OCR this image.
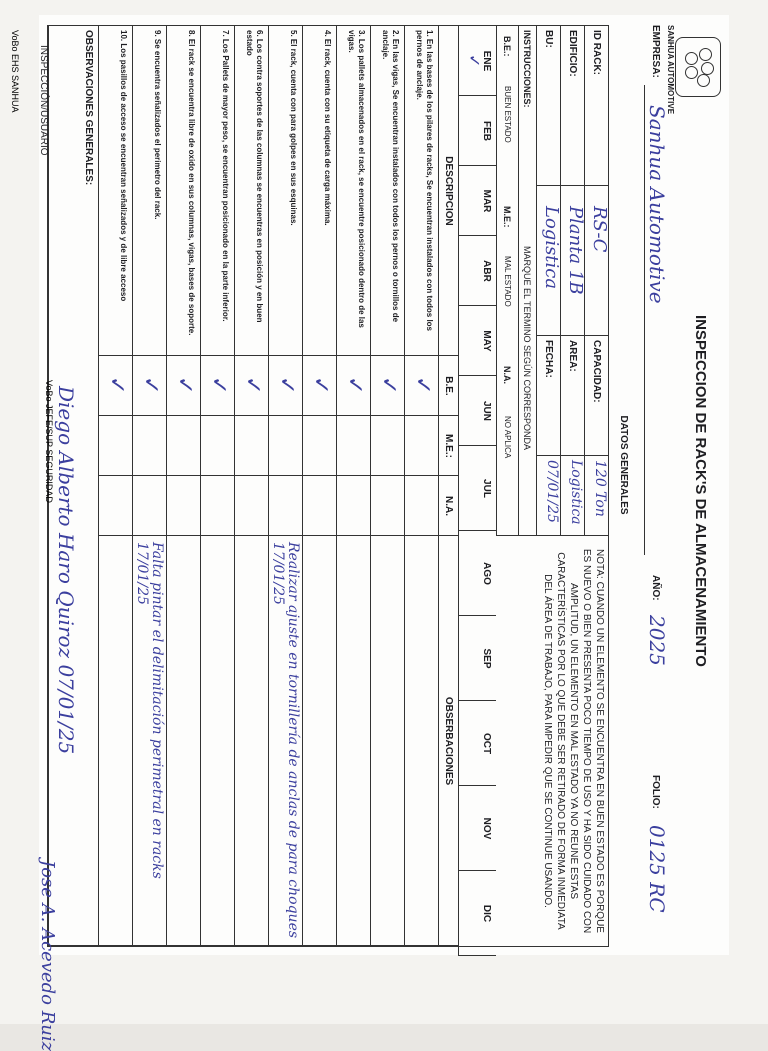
SANHUA AUTOMOTIVE
INSPECCION DE RACK'S DE ALMACENAMIENTO
EMPRESA:
Sanhua Automotive
AÑO:
2025
FOLIO:
0125 RC
DATOS GENERALES
ID RACK:
RS-C
CAPACIDAD:
120 Ton
EDIFICIO:
Planta 1B
AREA:
Logistica
BU:
Logistica
FECHA:
07/01/25
NOTA: CUANDO UN ELEMENTO SE ENCUENTRA EN BUEN ESTADO ES PORQUE ES NUEVO O BIEN PRESENTA POCO TIEMPO DE USO Y HA SIDO CUIDADO CON AMPLITUD, UN ELEMENTO EN MAL ESTADO YA NO REUNE ESTAS CARACTERÍSTICAS POR LO QUE DEBE SER RETIRADO DE FORMA INMEDIATA DEL ÁREA DE TRABAJO, PARA IMPEDIR QUE SE CONTINUE USANDO.
INSTRUCCIONES:
MARQUE EL TERMINO SEGÚN CORRESPONDA
B.E.:
BUEN ESTADO
M.E.:
MAL ESTADO
N.A.
NO APLICA
ENE
✓
FEB
MAR
ABR
MAY
JUN
JUL
AGO
SEP
OCT
NOV
DIC
DESCRIPCION
B.E.
M.E.:
N.A.
OBSERBACIONES
1. En las bases de los pilares de racks, Se encuentran instalados con todos los pernos de anclaje.
✓
2. En las vigas, Se encuentran instalados con todos los pernos o tornillos de anclaje.
✓
3. Los pallets almacenados en el rack, se encuentre posicionado dentro de las vigas.
✓
4. El rack, cuenta con su etiqueta de carga máxima.
✓
5. El rack, cuenta con para golpes en sus esquinas.
✓
Realizar ajuste en tornillería de anclas de para choques 17/01/25
6. Los contra soportes de las columnas se encuentras en posición y en buen estado
✓
7. Los Pallets de mayor peso, se encuentran posicionado en la parte inferior.
✓
8. El rack se encuentra libre de oxido en sus columnas, vigas, bases de soporte.
✓
9. Se encuentra señalizados el perimetro del rack.
✓
Falta pintar el delimitación perimetral en racks 17/01/25
10. Los pasillos de acceso se encuentran señalizados y de libre acceso
✓
OBSERVACIONES GENERALES:
Diego Alberto Haro Quiroz 07/01/25
INSPECCIÓN/USUARIO
VoBo EHS SANHUA
VoBo JEFE/SUP SEGURIDAD
Jose A. Acevedo Ruiz
